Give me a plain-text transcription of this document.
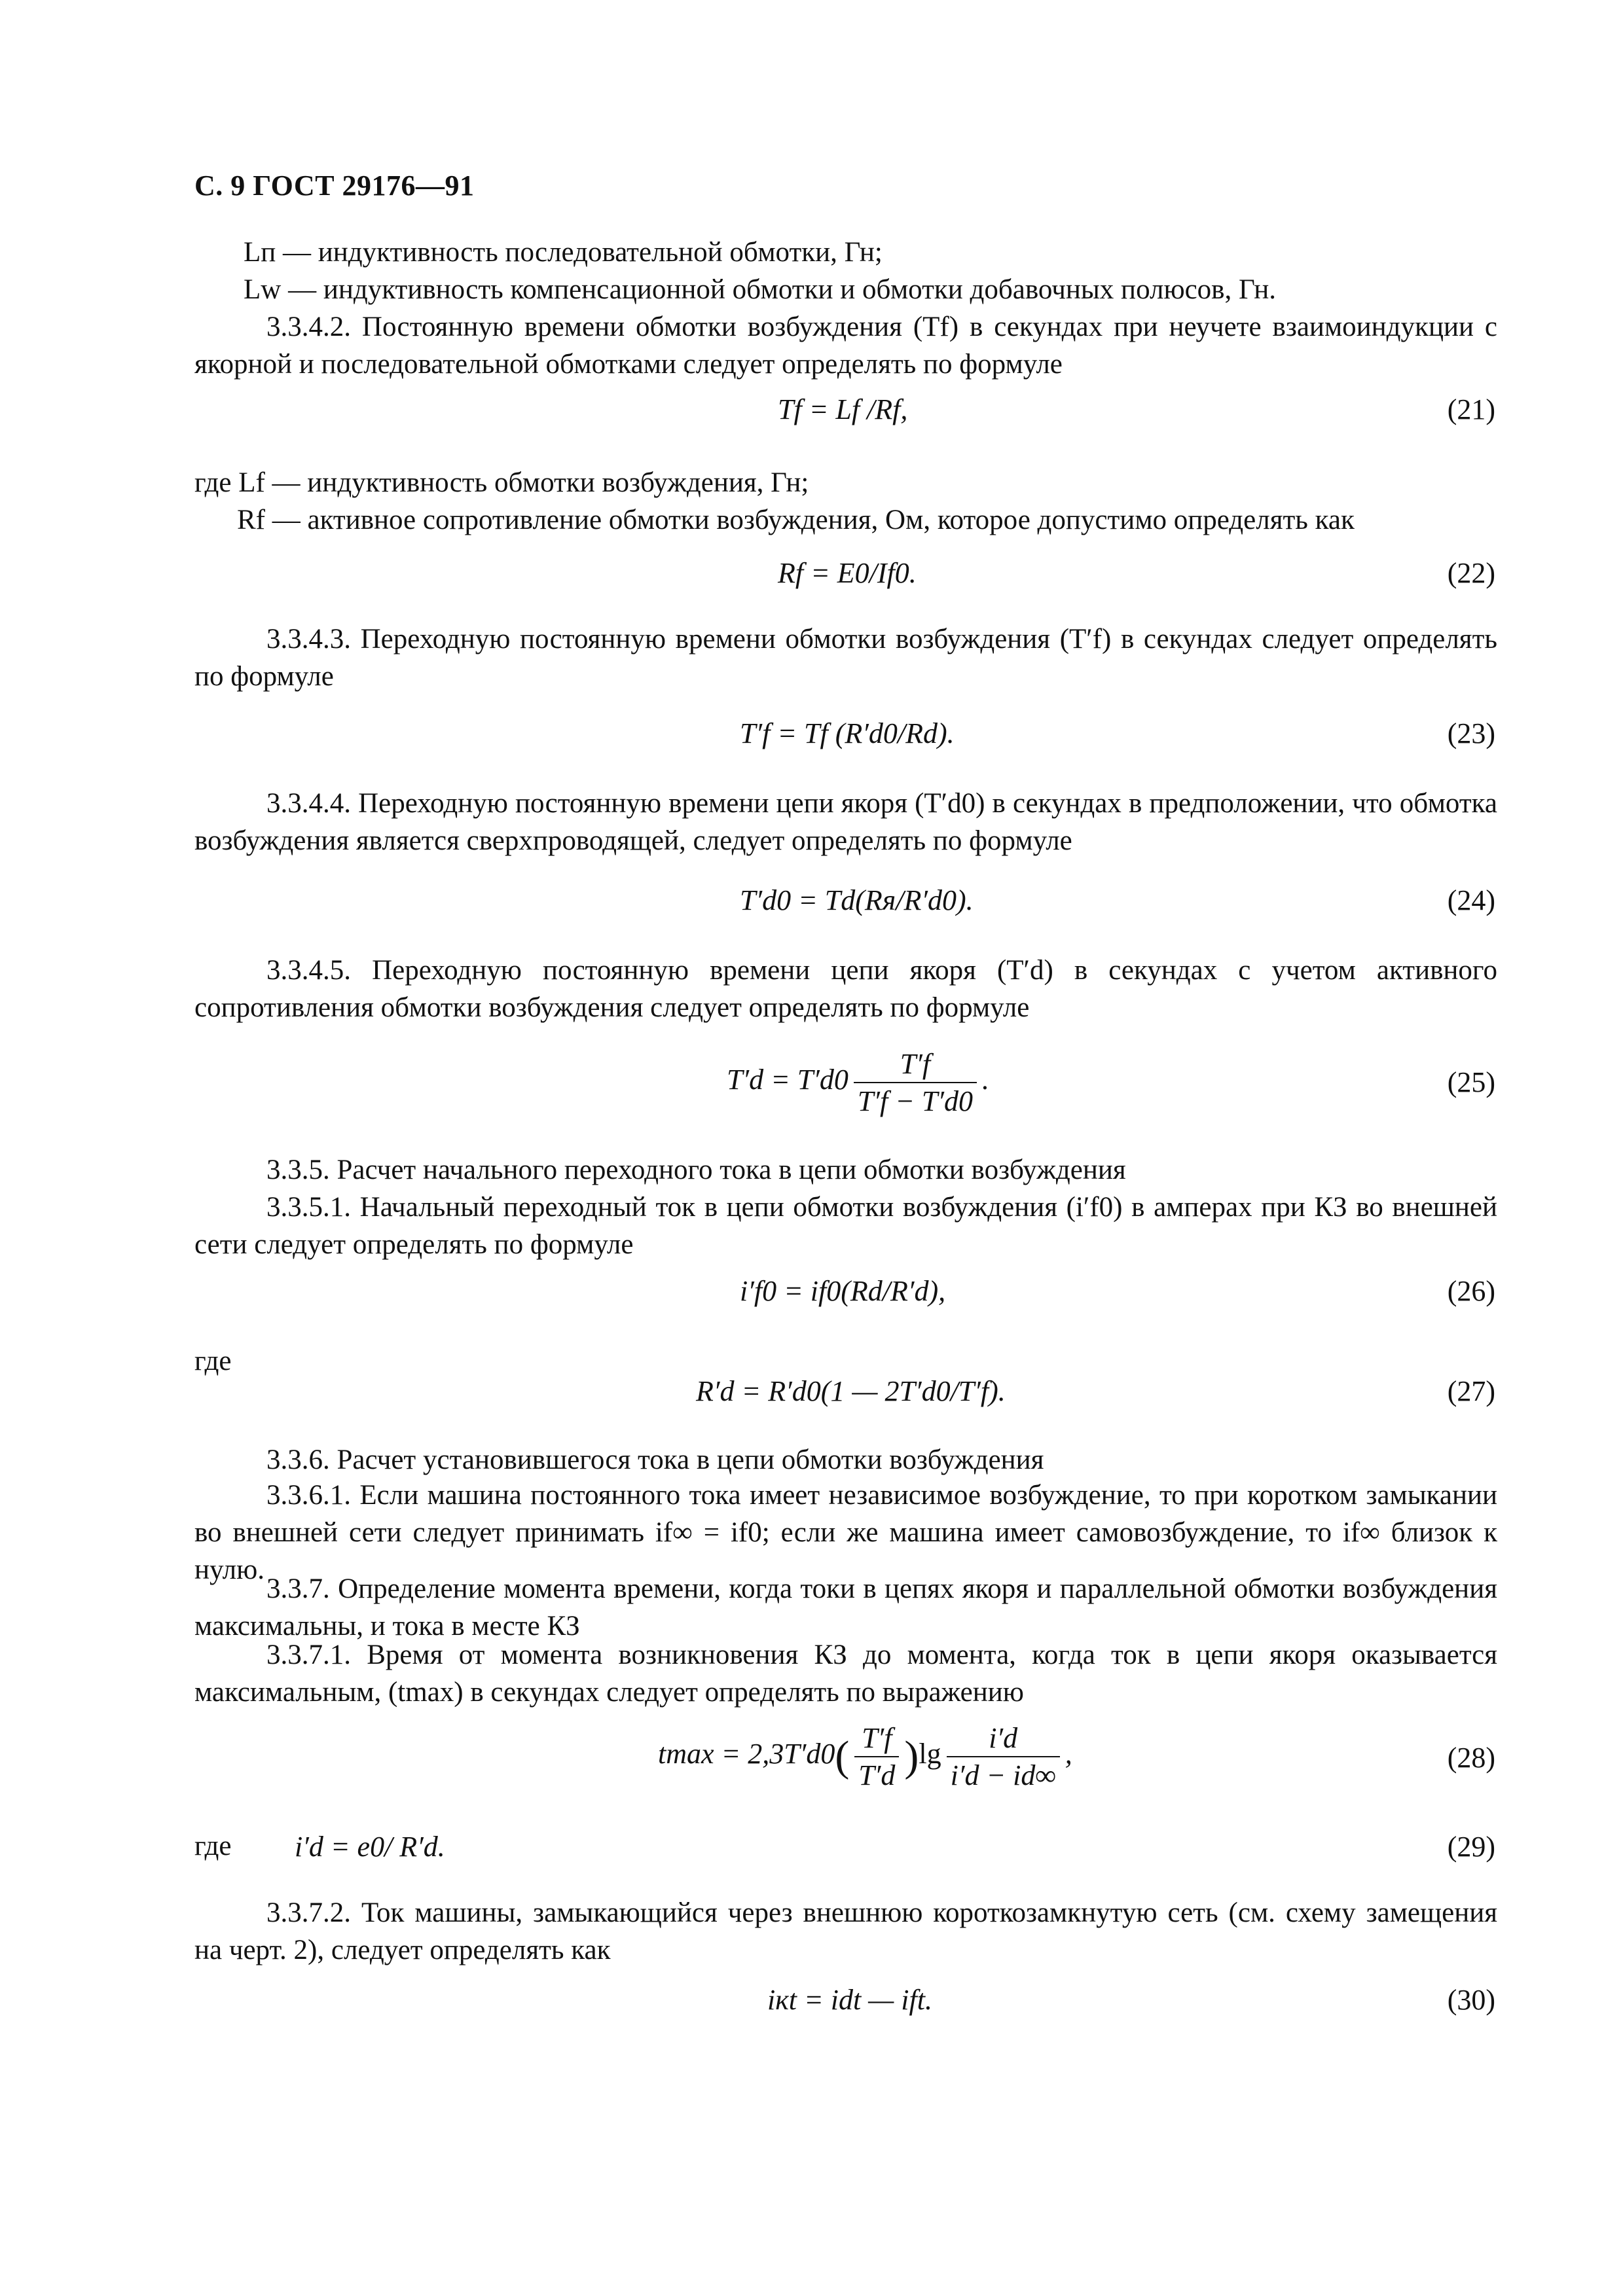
С. 9 ГОСТ 29176—91
Lп — индуктивность последовательной обмотки, Гн;
Lw — индуктивность компенсационной обмотки и обмотки добавочных полюсов, Гн.
3.3.4.2. Постоянную времени обмотки возбуждения (Tf) в секундах при неучете взаимоиндукции с якорной и последовательной обмотками следует определять по формуле
Tf = Lf /Rf,	(21)
где Lf — индуктивность обмотки возбуждения, Гн;
Rf — активное сопротивление обмотки возбуждения, Ом, которое допустимо определять как
Rf = E0/If0.	(22)
3.3.4.3. Переходную постоянную времени обмотки возбуждения (T′f) в секундах следует определять по формуле
T′f = Tf (R′d0/Rd).	(23)
3.3.4.4. Переходную постоянную времени цепи якоря (T′d0) в секундах в предположении, что обмотка возбуждения является сверхпроводящей, следует определять по формуле
T′d0 = Td(Rя/R′d0).	(24)
3.3.4.5. Переходную постоянную времени цепи якоря (T′d) в секундах с учетом активного сопротивления обмотки возбуждения следует определять по формуле
$T'd = T'd0 \frac{T'f}{T'f - T'd0}$ .	(25)
3.3.5. Расчет начального переходного тока в цепи обмотки возбуждения
3.3.5.1. Начальный переходный ток в цепи обмотки возбуждения (i′f0) в амперах при КЗ во внешней сети следует определять по формуле
i′f0 = if0(Rd/R′d),	(26)
где
R′d = R′d0(1 — 2T′d0/T′f).	(27)
3.3.6. Расчет установившегося тока в цепи обмотки возбуждения
3.3.6.1. Если машина постоянного тока имеет независимое возбуждение, то при коротком замыкании во внешней сети следует принимать if∞ = if0; если же машина имеет самовозбуждение, то if∞ близок к нулю.
3.3.7. Определение момента времени, когда токи в цепях якоря и параллельной обмотки возбуждения максимальны, и тока в месте КЗ
3.3.7.1. Время от момента возникновения КЗ до момента, когда ток в цепи якоря оказывается максимальным, (tmax) в секундах следует определять по выражению
$tmax = 2,3T'd0( \frac{T'f}{T'd} )\lg \frac{i'd}{i'd - id\infty}$ ,	(28)
где i′d = e0/ R′d.	(29)
3.3.7.2. Ток машины, замыкающийся через внешнюю короткозамкнутую сеть (см. схему замещения на черт. 2), следует определять как
iкt = idt — ift.	(30)
